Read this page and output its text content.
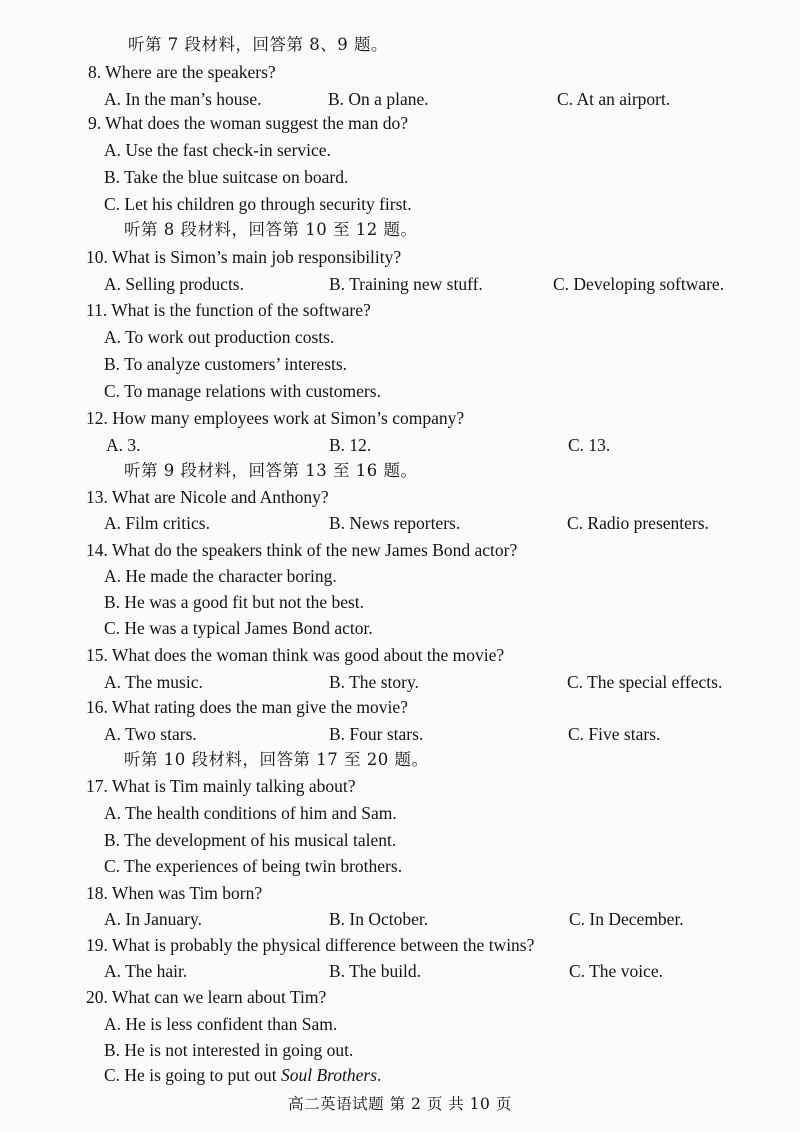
听第 7 段材料，回答第 8、9 题。
8. Where are the speakers?
A. In the man’s house.	B. On a plane.	C. At an airport.
9. What does the woman suggest the man do?
A. Use the fast check-in service.
B. Take the blue suitcase on board.
C. Let his children go through security first.
听第 8 段材料，回答第 10 至 12 题。
10. What is Simon’s main job responsibility?
A. Selling products.	B. Training new stuff.	C. Developing software.
11. What is the function of the software?
A. To work out production costs.
B. To analyze customers’ interests.
C. To manage relations with customers.
12. How many employees work at Simon’s company?
A. 3.	B. 12.	C. 13.
听第 9 段材料，回答第 13 至 16 题。
13. What are Nicole and Anthony?
A. Film critics.	B. News reporters.	C. Radio presenters.
14. What do the speakers think of the new James Bond actor?
A. He made the character boring.
B. He was a good fit but not the best.
C. He was a typical James Bond actor.
15. What does the woman think was good about the movie?
A. The music.	B. The story.	C. The special effects.
16. What rating does the man give the movie?
A. Two stars.	B. Four stars.	C. Five stars.
听第 10 段材料，回答第 17 至 20 题。
17. What is Tim mainly talking about?
A. The health conditions of him and Sam.
B. The development of his musical talent.
C. The experiences of being twin brothers.
18. When was Tim born?
A. In January.	B. In October.	C. In December.
19. What is probably the physical difference between the twins?
A. The hair.	B. The build.	C. The voice.
20. What can we learn about Tim?
A. He is less confident than Sam.
B. He is not interested in going out.
C. He is going to put out Soul Brothers.
高二英语试题 第 2 页 共 10 页
